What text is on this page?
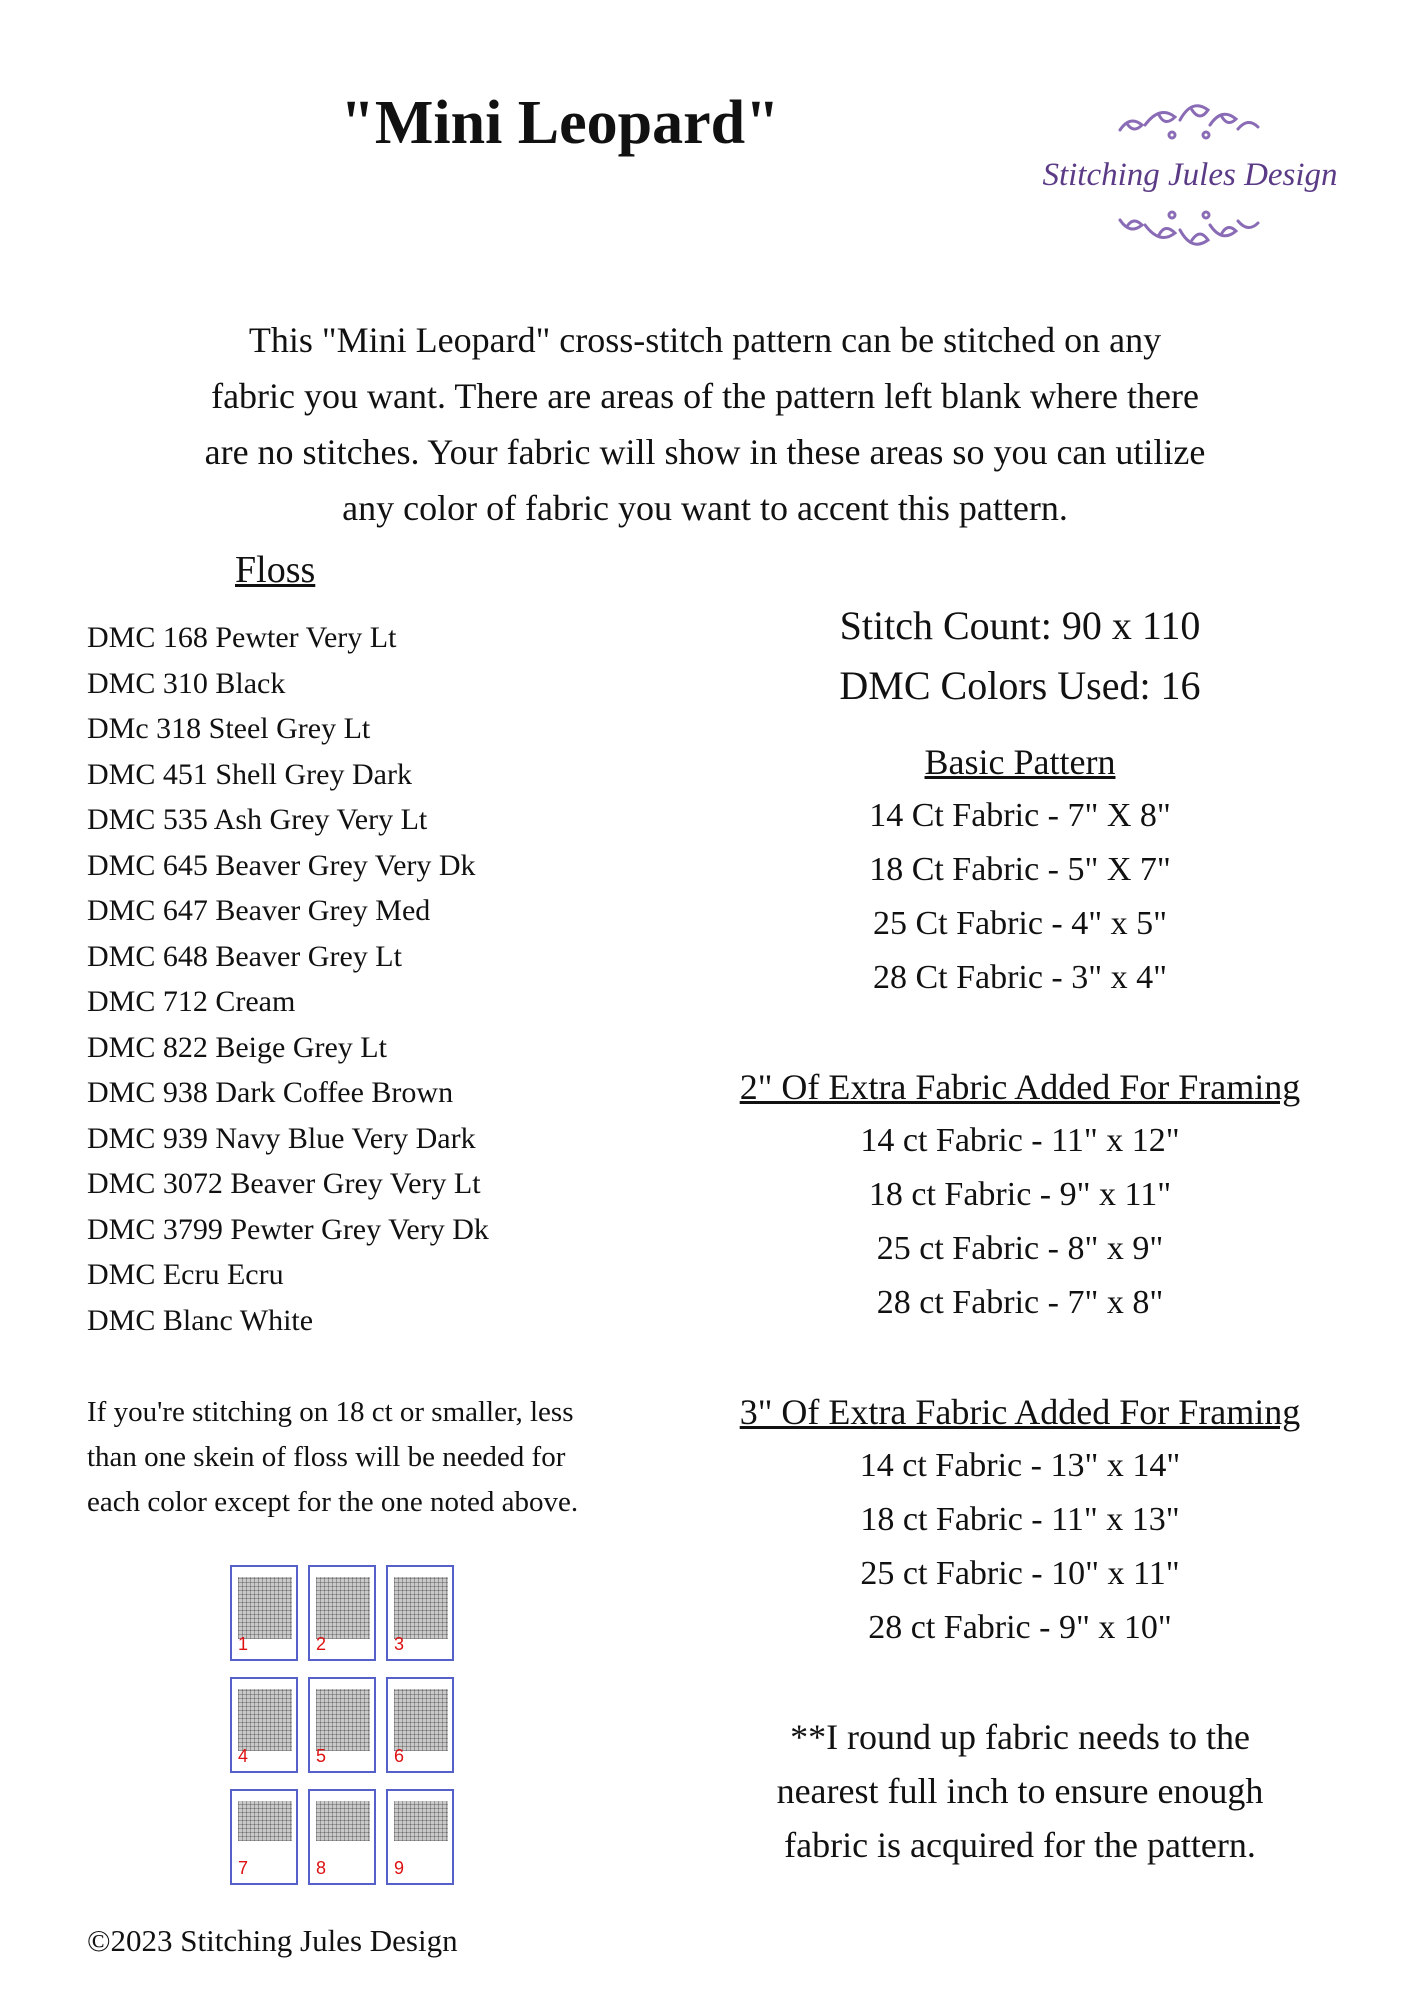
"Mini Leopard"
Stitching Jules Design
This "Mini Leopard" cross-stitch pattern can be stitched on any
fabric you want. There are areas of the pattern left blank where there
are no stitches. Your fabric will show in these areas so you can utilize
any color of fabric you want to accent this pattern.
Floss
DMC 168 Pewter Very Lt
DMC 310 Black
DMc 318 Steel Grey Lt
DMC 451 Shell Grey Dark
DMC 535 Ash Grey Very Lt
DMC 645 Beaver Grey Very Dk
DMC 647 Beaver Grey Med
DMC 648 Beaver Grey Lt
DMC 712 Cream
DMC 822 Beige Grey Lt
DMC 938 Dark Coffee Brown
DMC 939 Navy Blue Very Dark
DMC 3072 Beaver Grey Very Lt
DMC 3799 Pewter Grey Very Dk
DMC Ecru Ecru
DMC Blanc White
If you're stitching on 18 ct or smaller, less
than one skein of floss will be needed for
each color except for the one noted above.
1	2	3
4	5	6
7	8	9
Stitch Count: 90 x 110
DMC Colors Used: 16
Basic Pattern
14 Ct Fabric - 7" X 8"
18 Ct Fabric - 5" X 7"
25 Ct Fabric - 4" x 5"
28 Ct Fabric - 3" x 4"
2" Of Extra Fabric Added For Framing
14 ct Fabric - 11" x 12"
18 ct Fabric - 9" x 11"
25 ct Fabric - 8" x 9"
28 ct Fabric - 7" x 8"
3" Of Extra Fabric Added For Framing
14 ct Fabric - 13" x 14"
18 ct Fabric - 11" x 13"
25 ct Fabric - 10" x 11"
28 ct Fabric - 9" x 10"
**I round up fabric needs to the
nearest full inch to ensure enough
fabric is acquired for the pattern.
©2023 Stitching Jules Design
